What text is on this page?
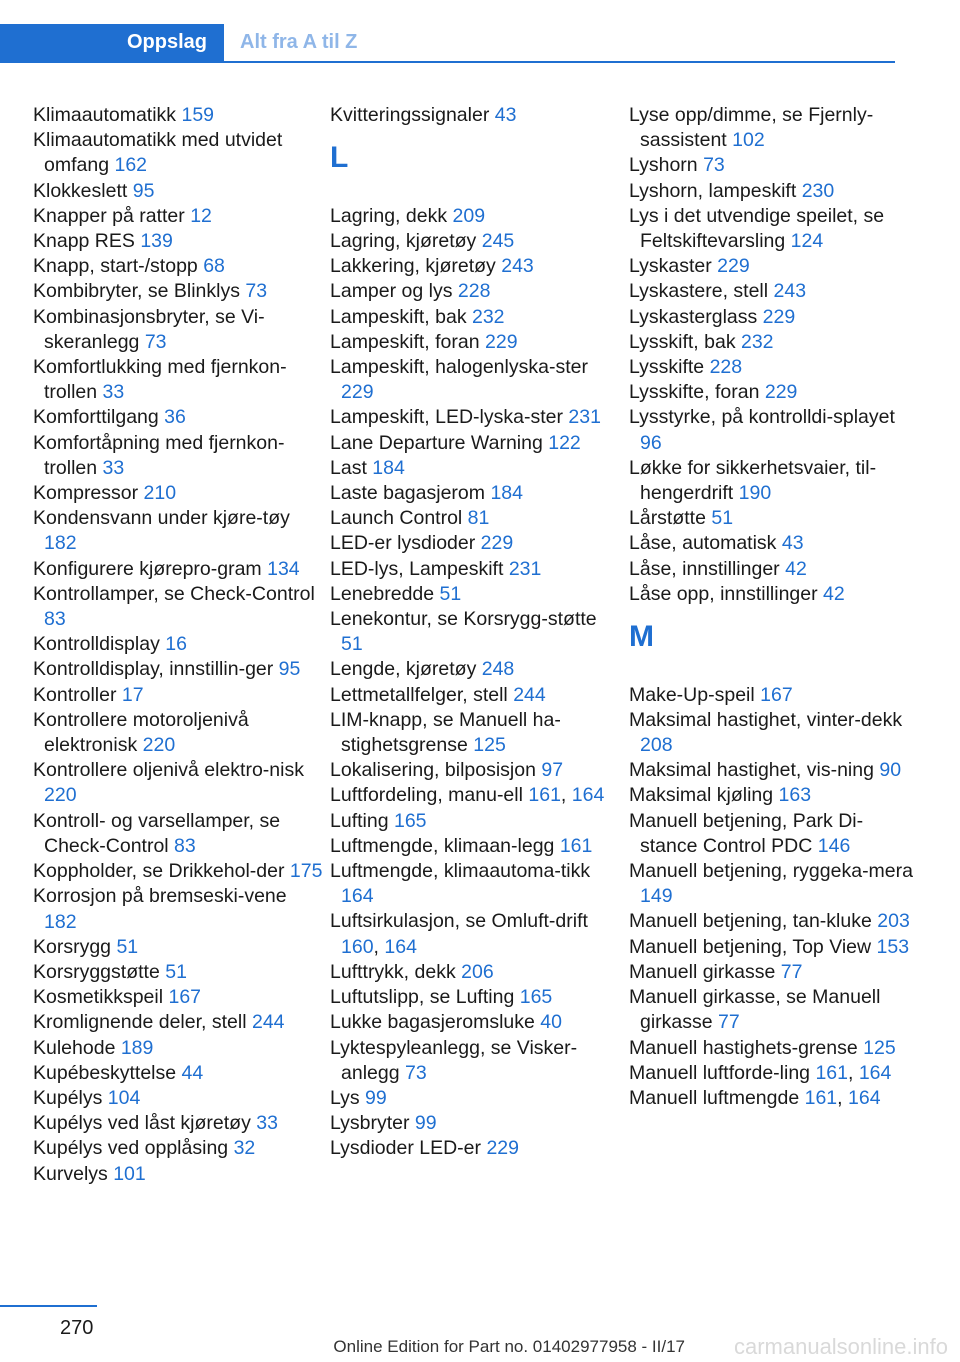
Oppslag	Alt fra A til Z
Klimaautomatikk 159
Klimaautomatikk med utvidet omfang 162
Klokkeslett 95
Knapper på ratter 12
Knapp RES 139
Knapp, start-/stopp 68
Kombibryter, se Blinklys 73
Kombinasjonsbryter, se Vi-skeranlegg 73
Komfortlukking med fjernkon-trollen 33
Komforttilgang 36
Komfortåpning med fjernkon-trollen 33
Kompressor 210
Kondensvann under kjøre-tøy 182
Konfigurere kjørepro-gram 134
Kontrollamper, se Check-Control 83
Kontrolldisplay 16
Kontrolldisplay, innstillin-ger 95
Kontroller 17
Kontrollere motoroljenivå elektronisk 220
Kontrollere oljenivå elektro-nisk 220
Kontroll- og varsellamper, se Check-Control 83
Koppholder, se Drikkehol-der 175
Korrosjon på bremseski-vene 182
Korsrygg 51
Korsryggstøtte 51
Kosmetikkspeil 167
Kromlignende deler, stell 244
Kulehode 189
Kupébeskyttelse 44
Kupélys 104
Kupélys ved låst kjøretøy 33
Kupélys ved opplåsing 32
Kurvelys 101
Kvitteringssignaler 43
L
Lagring, dekk 209
Lagring, kjøretøy 245
Lakkering, kjøretøy 243
Lamper og lys 228
Lampeskift, bak 232
Lampeskift, foran 229
Lampeskift, halogenlyska-ster 229
Lampeskift, LED-lyska-ster 231
Lane Departure Warning 122
Last 184
Laste bagasjerom 184
Launch Control 81
LED-er lysdioder 229
LED-lys, Lampeskift 231
Lenebredde 51
Lenekontur, se Korsrygg-støtte 51
Lengde, kjøretøy 248
Lettmetallfelger, stell 244
LIM-knapp, se Manuell ha-stighetsgrense 125
Lokalisering, bilposisjon 97
Luftfordeling, manu-ell 161, 164
Lufting 165
Luftmengde, klimaan-legg 161
Luftmengde, klimaautoma-tikk 164
Luftsirkulasjon, se Omluft-drift 160, 164
Lufttrykk, dekk 206
Luftutslipp, se Lufting 165
Lukke bagasjeromsluke 40
Lyktespyleanlegg, se Visker-anlegg 73
Lys 99
Lysbryter 99
Lysdioder LED-er 229
Lyse opp/dimme, se Fjernly-sassistent 102
Lyshorn 73
Lyshorn, lampeskift 230
Lys i det utvendige speilet, se Feltskiftevarsling 124
Lyskaster 229
Lyskastere, stell 243
Lyskasterglass 229
Lysskift, bak 232
Lysskifte 228
Lysskifte, foran 229
Lysstyrke, på kontrolldi-splayet 96
Løkke for sikkerhetsvaier, til-hengerdrift 190
Lårstøtte 51
Låse, automatisk 43
Låse, innstillinger 42
Låse opp, innstillinger 42
M
Make-Up-speil 167
Maksimal hastighet, vinter-dekk 208
Maksimal hastighet, vis-ning 90
Maksimal kjøling 163
Manuell betjening, Park Di-stance Control PDC 146
Manuell betjening, ryggeka-mera 149
Manuell betjening, tan-kluke 203
Manuell betjening, Top View 153
Manuell girkasse 77
Manuell girkasse, se Manuell girkasse 77
Manuell hastighets-grense 125
Manuell luftforde-ling 161, 164
Manuell luftmengde 161, 164
270
Online Edition for Part no. 01402977958 - II/17 carmanualsonline.info
